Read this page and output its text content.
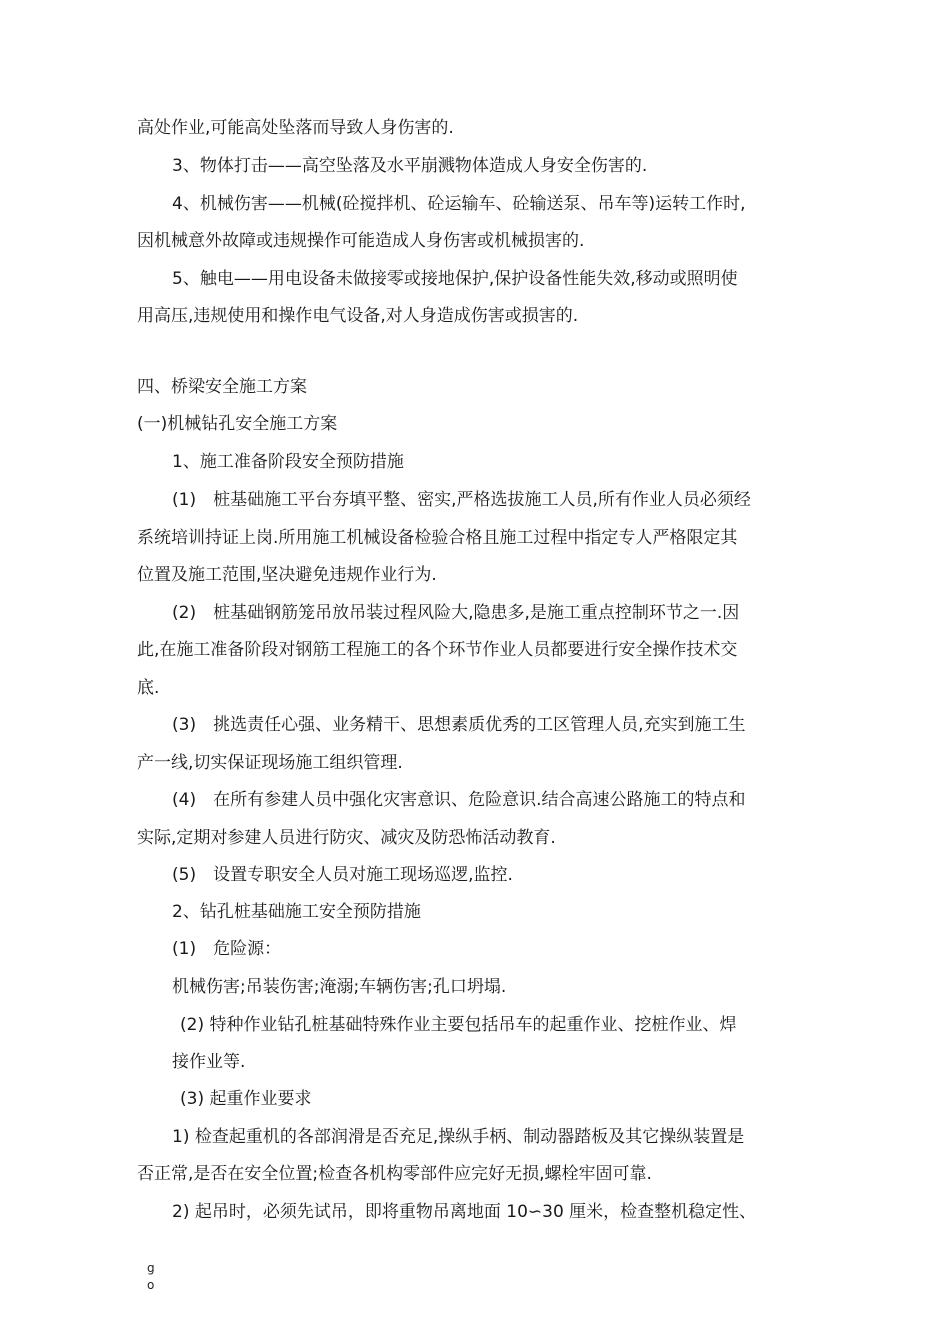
高处作业,可能高处坠落而导致人身伤害的.
3、物体打击——高空坠落及水平崩溅物体造成人身安全伤害的.
4、机械伤害——机械(砼搅拌机、砼运输车、砼输送泵、吊车等)运转工作时,
因机械意外故障或违规操作可能造成人身伤害或机械损害的.
5、触电——用电设备未做接零或接地保护,保护设备性能失效,移动或照明使
用高压,违规使用和操作电气设备,对人身造成伤害或损害的.
四、桥梁安全施工方案
(一)机械钻孔安全施工方案
1、施工准备阶段安全预防措施
(1)　桩基础施工平台夯填平整、密实,严格选拔施工人员,所有作业人员必须经
系统培训持证上岗.所用施工机械设备检验合格且施工过程中指定专人严格限定其
位置及施工范围,坚决避免违规作业行为.
(2)　桩基础钢筋笼吊放吊装过程风险大,隐患多,是施工重点控制环节之一.因
此,在施工准备阶段对钢筋工程施工的各个环节作业人员都要进行安全操作技术交
底.
(3)　挑选责任心强、业务精干、思想素质优秀的工区管理人员,充实到施工生
产一线,切实保证现场施工组织管理.
(4)　在所有参建人员中强化灾害意识、危险意识.结合高速公路施工的特点和
实际,定期对参建人员进行防灾、减灾及防恐怖活动教育.
(5)　设置专职安全人员对施工现场巡逻,监控.
2、钻孔桩基础施工安全预防措施
(1)　危险源：
机械伤害;吊装伤害;淹溺;车辆伤害;孔口坍塌.
(2) 特种作业钻孔桩基础特殊作业主要包括吊车的起重作业、挖桩作业、焊
接作业等.
(3) 起重作业要求
1) 检查起重机的各部润滑是否充足,操纵手柄、制动器踏板及其它操纵装置是
否正常,是否在安全位置;检查各机构零部件应完好无损,螺栓牢固可靠.
2) 起吊时，必须先试吊，即将重物吊离地面 10∽30 厘米，检查整机稳定性、
g
o
